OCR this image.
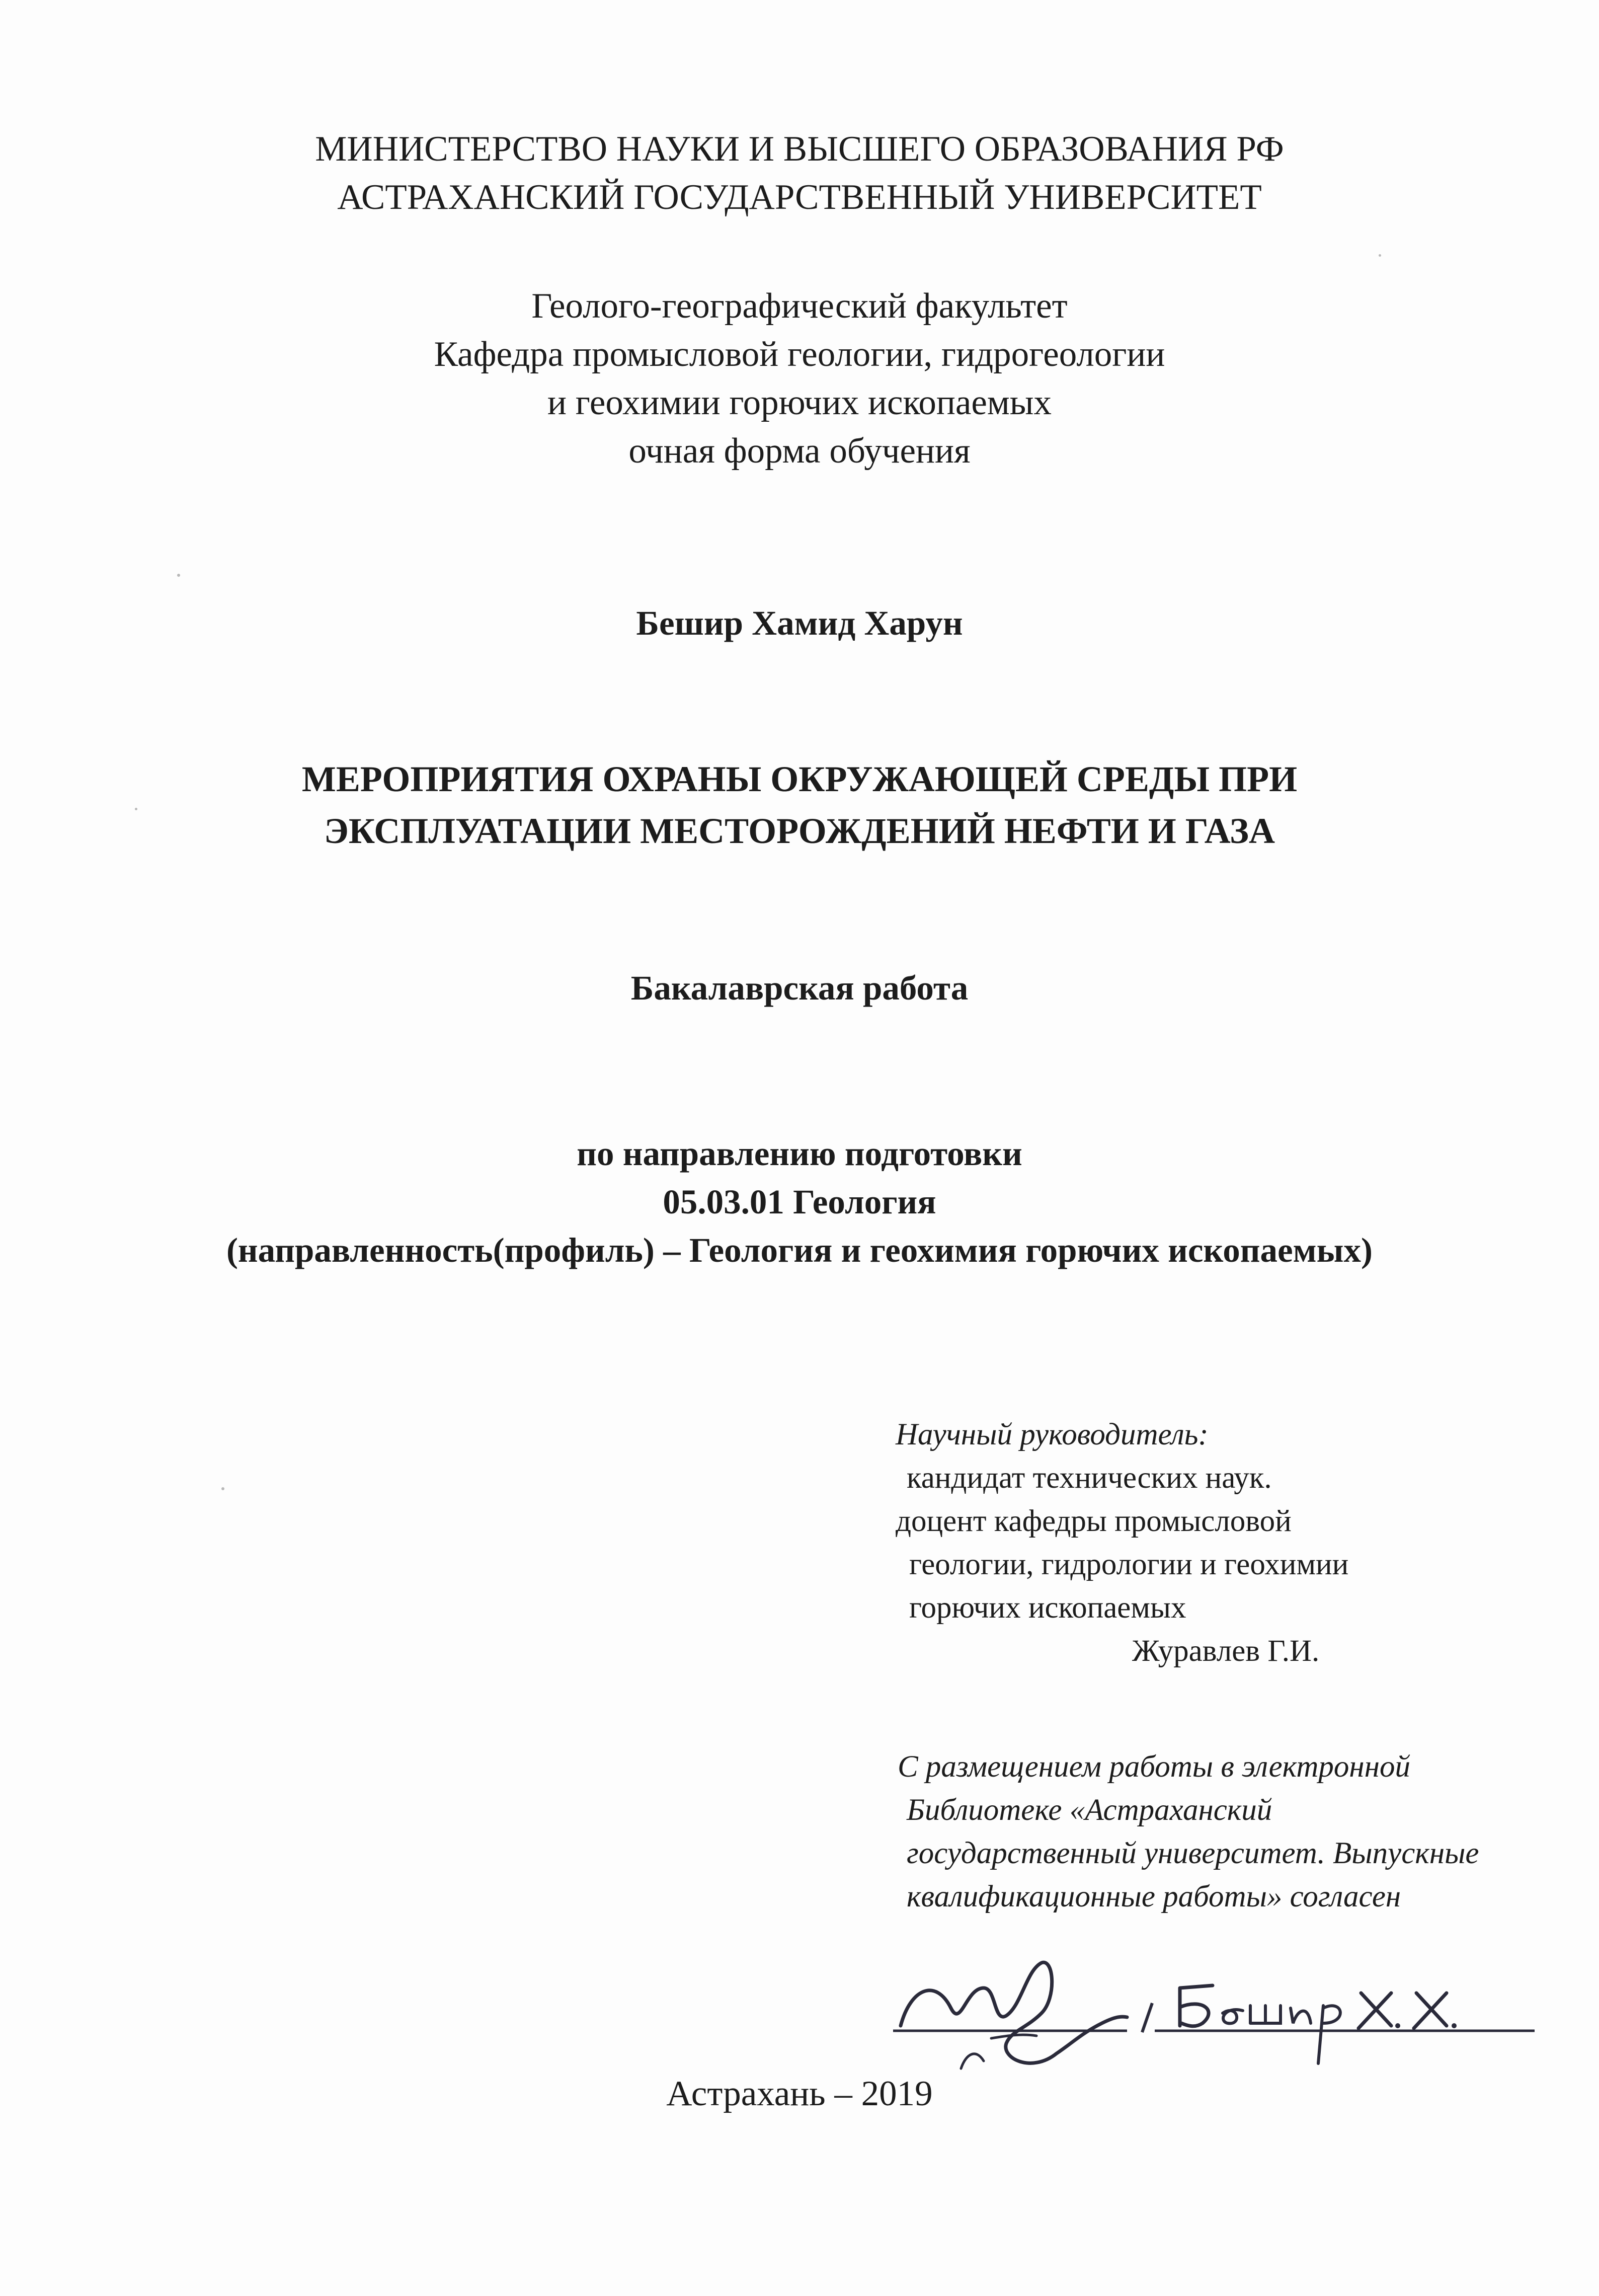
МИНИСТЕРСТВО НАУКИ И ВЫСШЕГО ОБРАЗОВАНИЯ РФ
АСТРАХАНСКИЙ ГОСУДАРСТВЕННЫЙ УНИВЕРСИТЕТ
Геолого-географический факультет
Кафедра промысловой геологии, гидрогеологии
и геохимии горючих ископаемых
очная форма обучения
Бешир Хамид Харун
МЕРОПРИЯТИЯ ОХРАНЫ ОКРУЖАЮЩЕЙ СРЕДЫ ПРИ
ЭКСПЛУАТАЦИИ МЕСТОРОЖДЕНИЙ НЕФТИ И ГАЗА
Бакалаврская работа
по направлению подготовки
05.03.01 Геология
(направленность(профиль) – Геология и геохимия горючих ископаемых)
Научный руководитель:
кандидат технических наук.
доцент кафедры промысловой
геологии, гидрологии и геохимии
горючих ископаемых
Журавлев Г.И.
С размещением работы в электронной
Библиотеке «Астраханский
государственный университет. Выпускные
квалификационные работы» согласен
Астрахань – 2019
